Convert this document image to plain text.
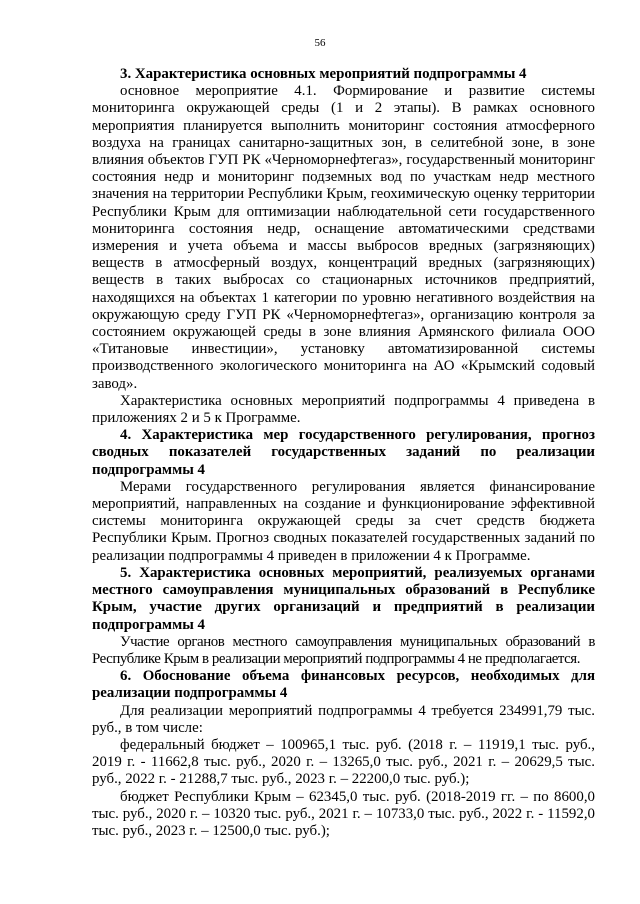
56
3. Характеристика основных мероприятий подпрограммы 4

основное мероприятие 4.1. Формирование и развитие системы мониторинга окружающей среды (1 и 2 этапы). В рамках основного мероприятия планируется выполнить мониторинг состояния атмосферного воздуха на границах санитарно-защитных зон, в селитебной зоне, в зоне влияния объектов ГУП РК «Черноморнефтегаз», государственный мониторинг состояния недр и мониторинг подземных вод по участкам недр местного значения на территории Республики Крым, геохимическую оценку территории Республики Крым для оптимизации наблюдательной сети государственного мониторинга состояния недр, оснащение автоматическими средствами измерения и учета объема и массы выбросов вредных (загрязняющих) веществ в атмосферный воздух, концентраций вредных (загрязняющих) веществ в таких выбросах со стационарных источников предприятий, находящихся на объектах 1 категории по уровню негативного воздействия на окружающую среду ГУП РК «Черноморнефтегаз», организацию контроля за состоянием окружающей среды в зоне влияния Армянского филиала ООО «Титановые инвестиции», установку автоматизированной системы производственного экологического мониторинга на АО «Крымский содовый завод».

Характеристика основных мероприятий подпрограммы 4 приведена в приложениях 2 и 5 к Программе.

4. Характеристика мер государственного регулирования, прогноз сводных показателей государственных заданий по реализации подпрограммы 4

Мерами государственного регулирования является финансирование мероприятий, направленных на создание и функционирование эффективной системы мониторинга окружающей среды за счет средств бюджета Республики Крым. Прогноз сводных показателей государственных заданий по реализации подпрограммы 4 приведен в приложении 4 к Программе.

5. Характеристика основных мероприятий, реализуемых органами местного самоуправления муниципальных образований в Республике Крым, участие других организаций и предприятий в реализации подпрограммы 4

Участие органов местного самоуправления муниципальных образований в Республике Крым в реализации мероприятий подпрограммы 4 не предполагается.

6. Обоснование объема финансовых ресурсов, необходимых для реализации подпрограммы 4

Для реализации мероприятий подпрограммы 4 требуется 234991,79 тыс. руб., в том числе:

федеральный бюджет – 100965,1 тыс. руб. (2018 г. – 11919,1 тыс. руб., 2019 г. - 11662,8 тыс. руб., 2020 г. – 13265,0 тыс. руб., 2021 г. – 20629,5 тыс. руб., 2022 г. - 21288,7 тыс. руб., 2023 г. – 22200,0 тыс. руб.);

бюджет Республики Крым – 62345,0 тыс. руб. (2018-2019 гг. – по 8600,0 тыс. руб., 2020 г. – 10320 тыс. руб., 2021 г. – 10733,0 тыс. руб., 2022 г. - 11592,0 тыс. руб., 2023 г. – 12500,0 тыс. руб.);
